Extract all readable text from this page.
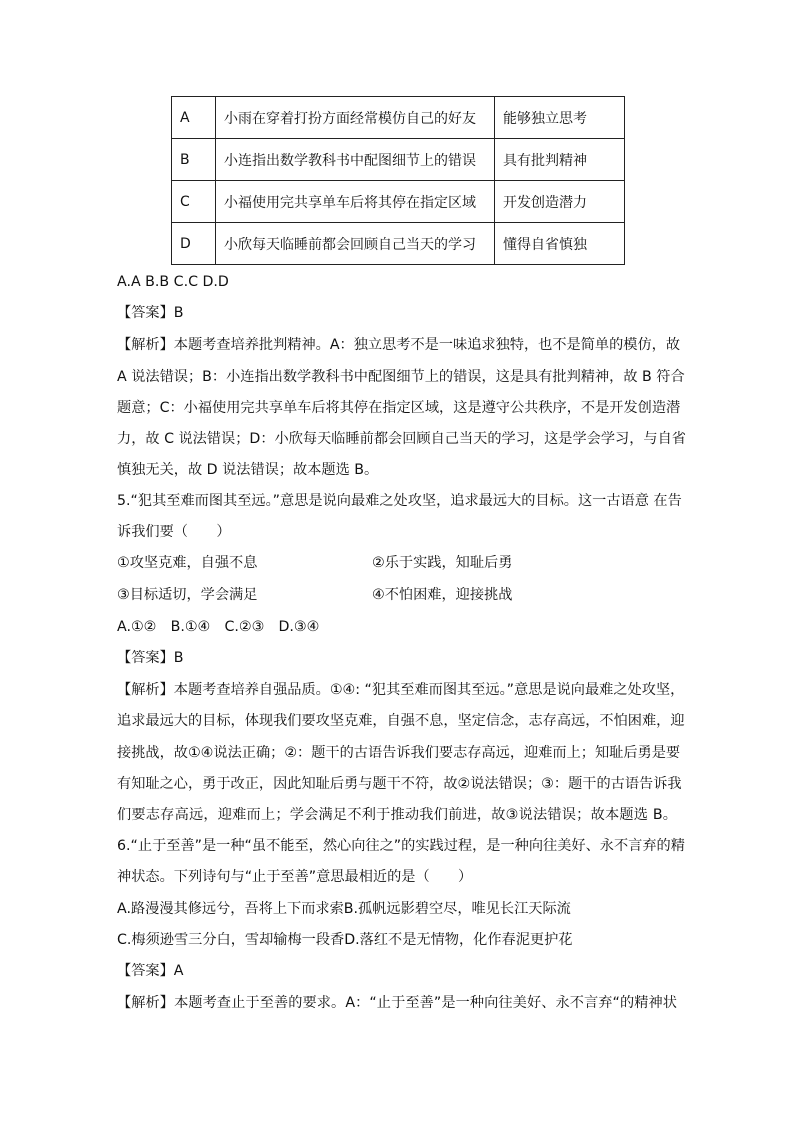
A	小雨在穿着打扮方面经常模仿自己的好友	能够独立思考
B	小连指出数学教科书中配图细节上的错误	具有批判精神
C	小福使用完共享单车后将其停在指定区域	开发创造潜力
D	小欣每天临睡前都会回顾自己当天的学习	懂得自省慎独
A.A B.B C.C D.D
【答案】B
【解析】本题考查培养批判精神。A：独立思考不是一味追求独特，也不是简单的模仿，故
A 说法错误；B：小连指出数学教科书中配图细节上的错误，这是具有批判精神，故 B 符合
题意；C：小福使用完共享单车后将其停在指定区域，这是遵守公共秩序，不是开发创造潜
力，故 C 说法错误；D：小欣每天临睡前都会回顾自己当天的学习，这是学会学习，与自省
慎独无关，故 D 说法错误；故本题选 B。
5.“犯其至难而图其至远。”意思是说向最难之处攻坚，追求最远大的目标。这一古语意 在告
诉我们要（　　）
①攻坚克难，自强不息	②乐于实践，知耻后勇
③目标适切，学会满足	④不怕困难，迎接挑战
A.①②　B.①④　C.②③　D.③④
【答案】B
【解析】本题考查培养自强品质。①④: “犯其至难而图其至远。”意思是说向最难之处攻坚，
追求最远大的目标，体现我们要攻坚克难，自强不息，坚定信念，志存高远，不怕困难，迎
接挑战，故①④说法正确；②：题干的古语告诉我们要志存高远，迎难而上；知耻后勇是要
有知耻之心，勇于改正，因此知耻后勇与题干不符，故②说法错误；③：题干的古语告诉我
们要志存高远，迎难而上；学会满足不利于推动我们前进，故③说法错误；故本题选 B。
6.“止于至善”是一种“虽不能至，然心向往之”的实践过程，是一种向往美好、永不言弃的精
神状态。下列诗句与“止于至善”意思最相近的是（　　）
A.路漫漫其修远兮，吾将上下而求索B.孤帆远影碧空尽，唯见长江天际流
C.梅须逊雪三分白，雪却输梅一段香D.落红不是无情物，化作春泥更护花
【答案】A
【解析】本题考查止于至善的要求。A：“止于至善”是一种向往美好、永不言弃“的精神状
